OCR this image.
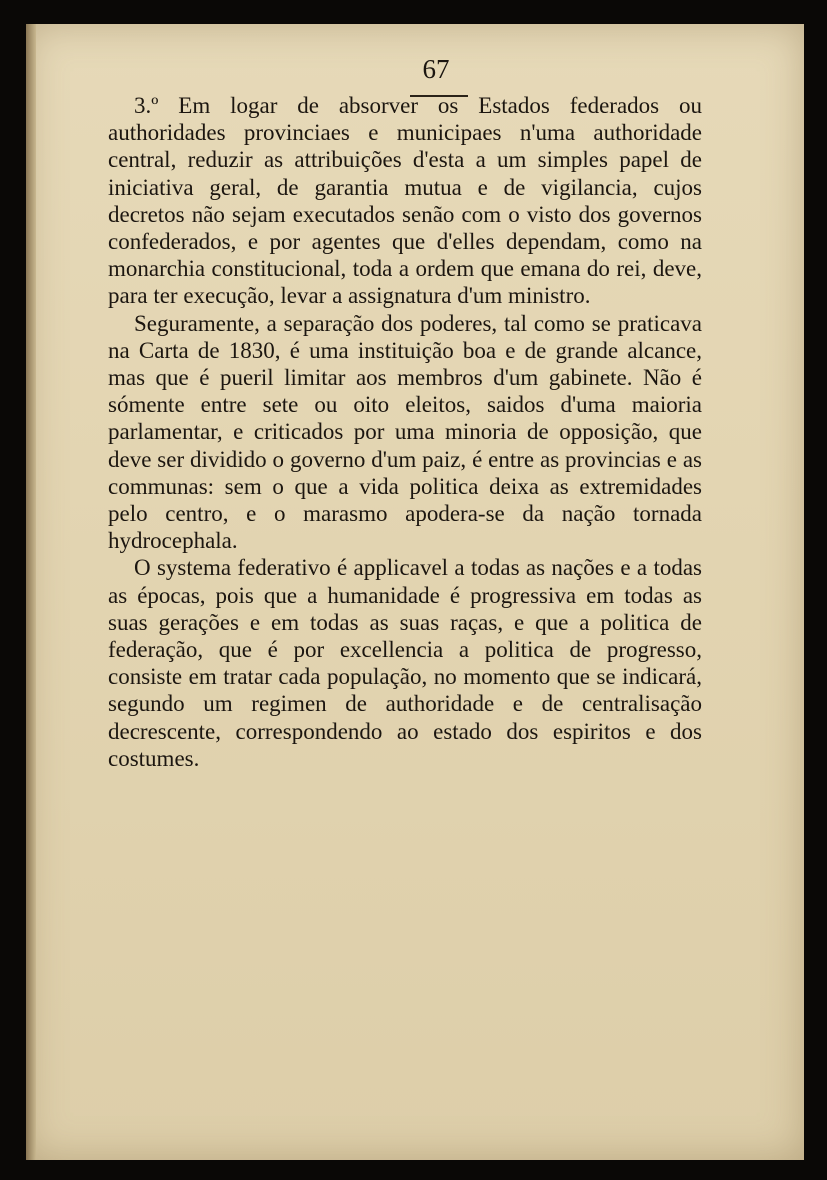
67

3.º Em logar de absorver os Estados federados ou authoridades provinciaes e municipaes n'uma authoridade central, reduzir as attribuições d'esta a um simples papel de iniciativa geral, de garantia mutua e de vigilancia, cujos decretos não sejam executados senão com o visto dos governos confederados, e por agentes que d'elles dependam, como na monarchia constitucional, toda a ordem que emana do rei, deve, para ter execução, levar a assignatura d'um ministro.

Seguramente, a separação dos poderes, tal como se praticava na Carta de 1830, é uma instituição boa e de grande alcance, mas que é pueril limitar aos membros d'um gabinete. Não é sómente entre sete ou oito eleitos, saidos d'uma maioria parlamentar, e criticados por uma minoria de opposição, que deve ser dividido o governo d'um paiz, é entre as provincias e as communas: sem o que a vida politica deixa as extremidades pelo centro, e o marasmo apodera-se da nação tornada hydrocephala.

O systema federativo é applicavel a todas as nações e a todas as épocas, pois que a humanidade é progressiva em todas as suas gerações e em todas as suas raças, e que a politica de federação, que é por excellencia a politica de progresso, consiste em tratar cada população, no momento que se indicará, segundo um regimen de authoridade e de centralisação decrescente, correspondendo ao estado dos espiritos e dos costumes.
